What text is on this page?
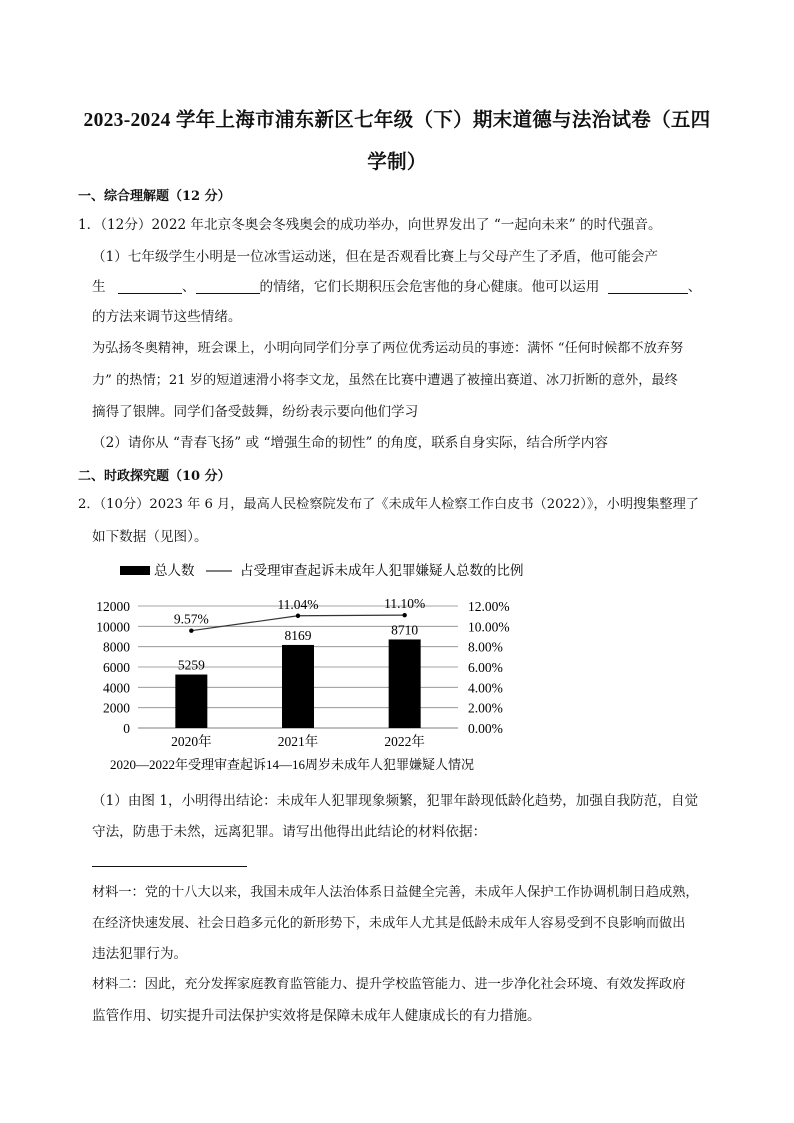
2023-2024 学年上海市浦东新区七年级（下）期末道德与法治试卷（五四
学制）
一、综合理解题（12 分）
1．（12分）2022 年北京冬奥会冬残奥会的成功举办，向世界发出了 “一起向未来” 的时代强音。
（1）七年级学生小明是一位冰雪运动迷，但在是否观看比赛上与父母产生了矛盾，他可能会产
生	、	的情绪，它们长期积压会危害他的身心健康。他可以运用	、
的方法来调节这些情绪。
为弘扬冬奥精神，班会课上，小明向同学们分享了两位优秀运动员的事迹：满怀 “任何时候都不放弃努
力” 的热情；21 岁的短道速滑小将李文龙，虽然在比赛中遭遇了被撞出赛道、冰刀折断的意外，最终
摘得了银牌。同学们备受鼓舞，纷纷表示要向他们学习
（2）请你从 “青春飞扬” 或 “增强生命的韧性” 的角度，联系自身实际，结合所学内容
二、时政探究题（10 分）
2．（10分）2023 年 6 月，最高人民检察院发布了《未成年人检察工作白皮书（2022）》，小明搜集整理了
如下数据（见图）。
总人数	占受理审查起诉未成年人犯罪嫌疑人总数的比例
0
2000
4000
6000
8000
10000
12000
0.00%
2.00%
4.00%
6.00%
8.00%
10.00%
12.00%
5259
8169	8710
9.57%
11.04%	11.10%
2020年	2021年	2022年
2020—2022年受理审查起诉14—16周岁未成年人犯罪嫌疑人情况
（1）由图 1，小明得出结论：未成年人犯罪现象频繁，犯罪年龄现低龄化趋势，加强自我防范，自觉
守法，防患于未然，远离犯罪。请写出他得出此结论的材料依据：
材料一：党的十八大以来，我国未成年人法治体系日益健全完善，未成年人保护工作协调机制日趋成熟，
在经济快速发展、社会日趋多元化的新形势下，未成年人尤其是低龄未成年人容易受到不良影响而做出
违法犯罪行为。
材料二：因此，充分发挥家庭教育监管能力、提升学校监管能力、进一步净化社会环境、有效发挥政府
监管作用、切实提升司法保护实效将是保障未成年人健康成长的有力措施。
